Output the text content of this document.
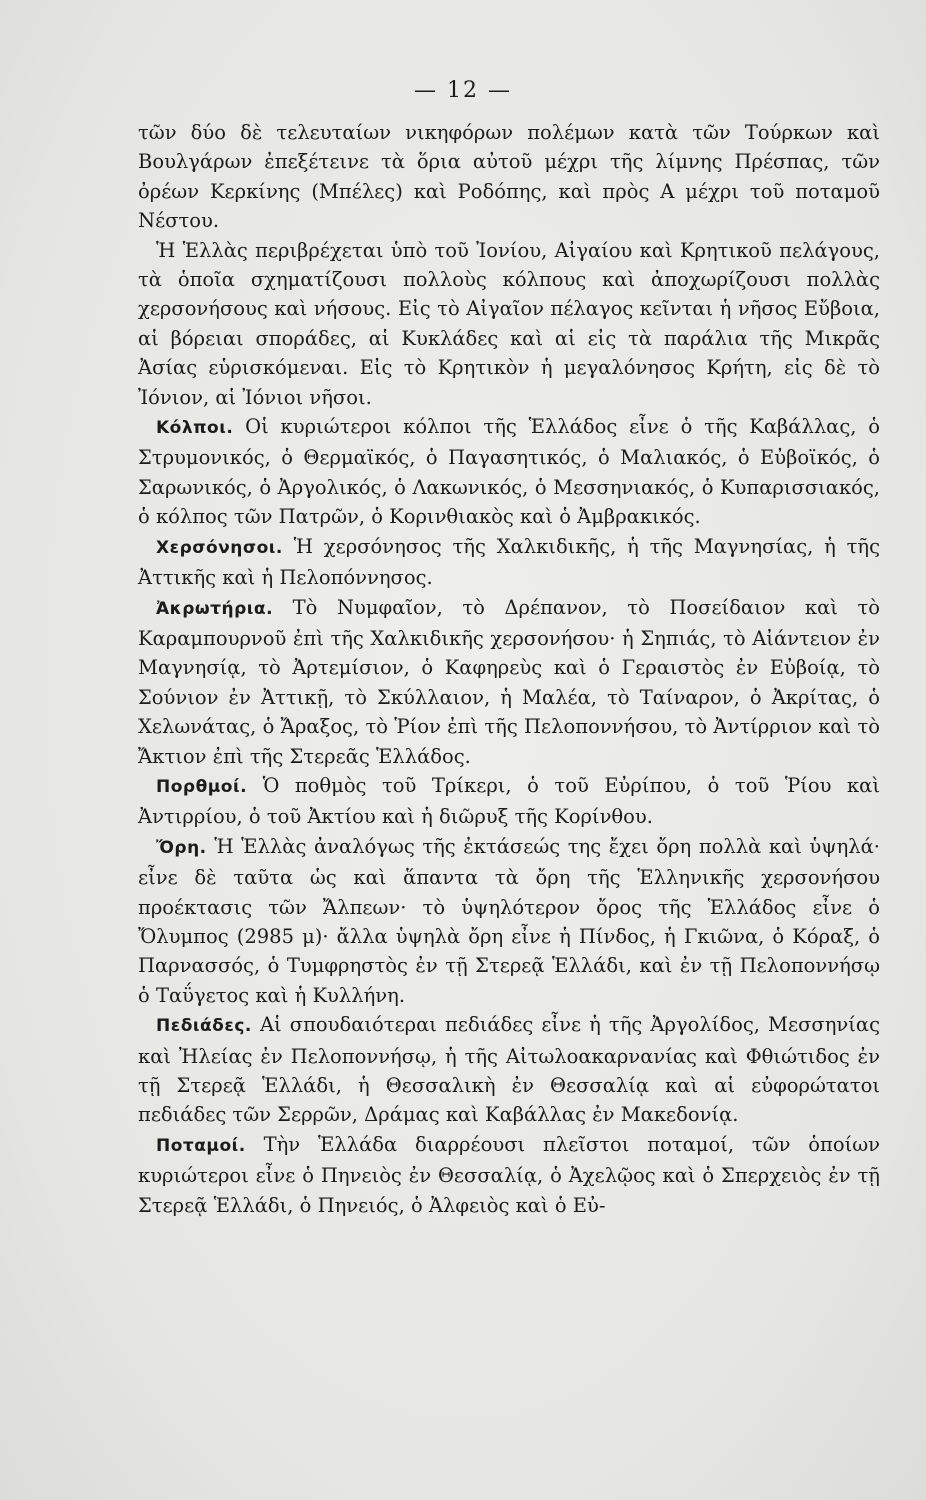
— 12 —

τῶν δύο δὲ τελευταίων νικηφόρων πολέμων κατὰ τῶν Τούρκων καὶ Βουλγάρων ἐπεξέτεινε τὰ ὅρια αὐτοῦ μέχρι τῆς λίμνης Πρέσπας, τῶν ὀρέων Κερκίνης (Μπέλες) καὶ Ροδόπης, καὶ πρὸς Α μέχρι τοῦ ποταμοῦ Νέστου.

Ἡ Ἑλλὰς περιβρέχεται ὑπὸ τοῦ Ἰονίου, Αἰγαίου καὶ Κρητικοῦ πελάγους, τὰ ὁποῖα σχηματίζουσι πολλοὺς κόλπους καὶ ἀποχωρίζουσι πολλὰς χερσονήσους καὶ νήσους. Εἰς τὸ Αἰγαῖον πέλαγος κεῖνται ἡ νῆσος Εὔβοια, αἱ βόρειαι σποράδες, αἱ Κυκλάδες καὶ αἱ εἰς τὰ παράλια τῆς Μικρᾶς Ἀσίας εὑρισκόμεναι. Εἰς τὸ Κρητικὸν ἡ μεγαλόνησος Κρήτη, εἰς δὲ τὸ Ἰόνιον, αἱ Ἰόνιοι νῆσοι.

Κόλποι. Οἱ κυριώτεροι κόλποι τῆς Ἑλλάδος εἶνε ὁ τῆς Καβάλλας, ὁ Στρυμονικός, ὁ Θερμαϊκός, ὁ Παγασητικός, ὁ Μαλιακός, ὁ Εὐβοϊκός, ὁ Σαρωνικός, ὁ Ἀργολικός, ὁ Λακωνικός, ὁ Μεσσηνιακός, ὁ Κυπαρισσιακός, ὁ κόλπος τῶν Πατρῶν, ὁ Κορινθιακὸς καὶ ὁ Ἀμβρακικός.

Χερσόνησοι. Ἡ χερσόνησος τῆς Χαλκιδικῆς, ἡ τῆς Μαγνησίας, ἡ τῆς Ἀττικῆς καὶ ἡ Πελοπόννησος.

Ἀκρωτήρια. Τὸ Νυμφαῖον, τὸ Δρέπανον, τὸ Ποσείδαιον καὶ τὸ Καραμπουρνοῦ ἐπὶ τῆς Χαλκιδικῆς χερσονήσου· ἡ Σηπιάς, τὸ Αἰάντειον ἐν Μαγνησίᾳ, τὸ Ἀρτεμίσιον, ὁ Καφηρεὺς καὶ ὁ Γεραιστὸς ἐν Εὐβοίᾳ, τὸ Σούνιον ἐν Ἀττικῇ, τὸ Σκύλλαιον, ἡ Μαλέα, τὸ Ταίναρον, ὁ Ἀκρίτας, ὁ Χελωνάτας, ὁ Ἄραξος, τὸ Ῥίον ἐπὶ τῆς Πελοποννήσου, τὸ Ἀντίρριον καὶ τὸ Ἄκτιον ἐπὶ τῆς Στερεᾶς Ἑλλάδος.

Πορθμοί. Ὁ ποθμὸς τοῦ Τρίκερι, ὁ τοῦ Εὐρίπου, ὁ τοῦ Ῥίου καὶ Ἀντιρρίου, ὁ τοῦ Ἀκτίου καὶ ἡ διῶρυξ τῆς Κορίνθου.

Ὄρη. Ἡ Ἑλλὰς ἀναλόγως τῆς ἐκτάσεώς της ἔχει ὄρη πολλὰ καὶ ὑψηλά· εἶνε δὲ ταῦτα ὡς καὶ ἅπαντα τὰ ὄρη τῆς Ἑλληνικῆς χερσονήσου προέκτασις τῶν Ἄλπεων· τὸ ὑψηλότερον ὄρος τῆς Ἑλλάδος εἶνε ὁ Ὄλυμπος (2985 μ)· ἄλλα ὑψηλὰ ὄρη εἶνε ἡ Πίνδος, ἡ Γκιῶνα, ὁ Κόραξ, ὁ Παρνασσός, ὁ Τυμφρηστὸς ἐν τῇ Στερεᾷ Ἑλλάδι, καὶ ἐν τῇ Πελοποννήσῳ ὁ Ταΰγετος καὶ ἡ Κυλλήνη.

Πεδιάδες. Αἱ σπουδαιότεραι πεδιάδες εἶνε ἡ τῆς Ἀργολίδος, Μεσσηνίας καὶ Ἠλείας ἐν Πελοποννήσῳ, ἡ τῆς Αἰτωλοακαρνανίας καὶ Φθιώτιδος ἐν τῇ Στερεᾷ Ἑλλάδι, ἡ Θεσσαλικὴ ἐν Θεσσαλίᾳ καὶ αἱ εὐφορώτατοι πεδιάδες τῶν Σερρῶν, Δράμας καὶ Καβάλλας ἐν Μακεδονίᾳ.

Ποταμοί. Τὴν Ἑλλάδα διαρρέουσι πλεῖστοι ποταμοί, τῶν ὁποίων κυριώτεροι εἶνε ὁ Πηνειὸς ἐν Θεσσαλίᾳ, ὁ Ἀχελῷος καὶ ὁ Σπερχειὸς ἐν τῇ Στερεᾷ Ἑλλάδι, ὁ Πηνειός, ὁ Ἀλφειὸς καὶ ὁ Εὐ-
